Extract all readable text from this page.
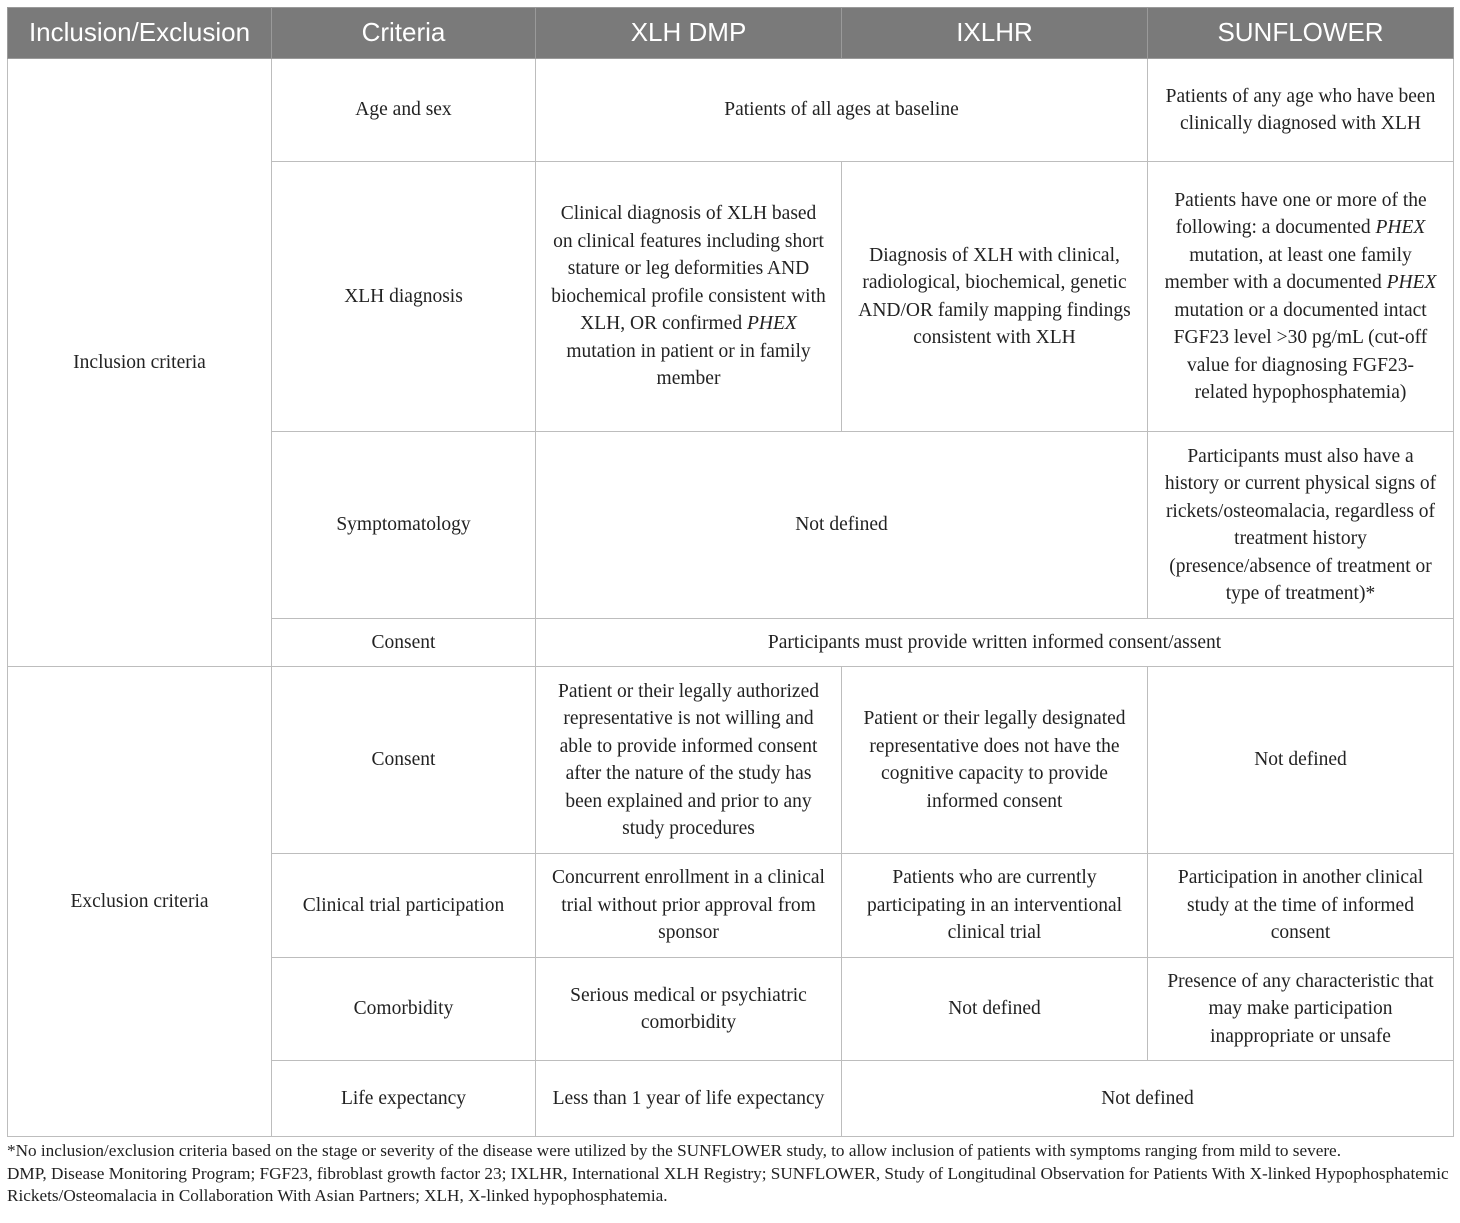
Inclusion/Exclusion	Criteria	XLH DMP	IXLHR	SUNFLOWER
Inclusion criteria	Age and sex	Patients of all ages at baseline		Patients of any age who have been clinically diagnosed with XLH
	XLH diagnosis	Clinical diagnosis of XLH based on clinical features including short stature or leg deformities AND biochemical profile consistent with XLH, OR confirmed PHEX mutation in patient or in family member	Diagnosis of XLH with clinical, radiological, biochemical, genetic AND/OR family mapping findings consistent with XLH	Patients have one or more of the following: a documented PHEX mutation, at least one family member with a documented PHEX mutation or a documented intact FGF23 level >30 pg/mL (cut-off value for diagnosing FGF23-related hypophosphatemia)
	Symptomatology	Not defined		Participants must also have a history or current physical signs of rickets/osteomalacia, regardless of treatment history (presence/absence of treatment or type of treatment)*
	Consent	Participants must provide written informed consent/assent		
Exclusion criteria	Consent	Patient or their legally authorized representative is not willing and able to provide informed consent after the nature of the study has been explained and prior to any study procedures	Patient or their legally designated representative does not have the cognitive capacity to provide informed consent	Not defined
	Clinical trial participation	Concurrent enrollment in a clinical trial without prior approval from sponsor	Patients who are currently participating in an interventional clinical trial	Participation in another clinical study at the time of informed consent
	Comorbidity	Serious medical or psychiatric comorbidity	Not defined	Presence of any characteristic that may make participation inappropriate or unsafe
	Life expectancy	Less than 1 year of life expectancy	Not defined	

*No inclusion/exclusion criteria based on the stage or severity of the disease were utilized by the SUNFLOWER study, to allow inclusion of patients with symptoms ranging from mild to severe.

DMP, Disease Monitoring Program; FGF23, fibroblast growth factor 23; IXLHR, International XLH Registry; SUNFLOWER, Study of Longitudinal Observation for Patients With X-linked Hypophosphatemic Rickets/Osteomalacia in Collaboration With Asian Partners; XLH, X-linked hypophosphatemia.
